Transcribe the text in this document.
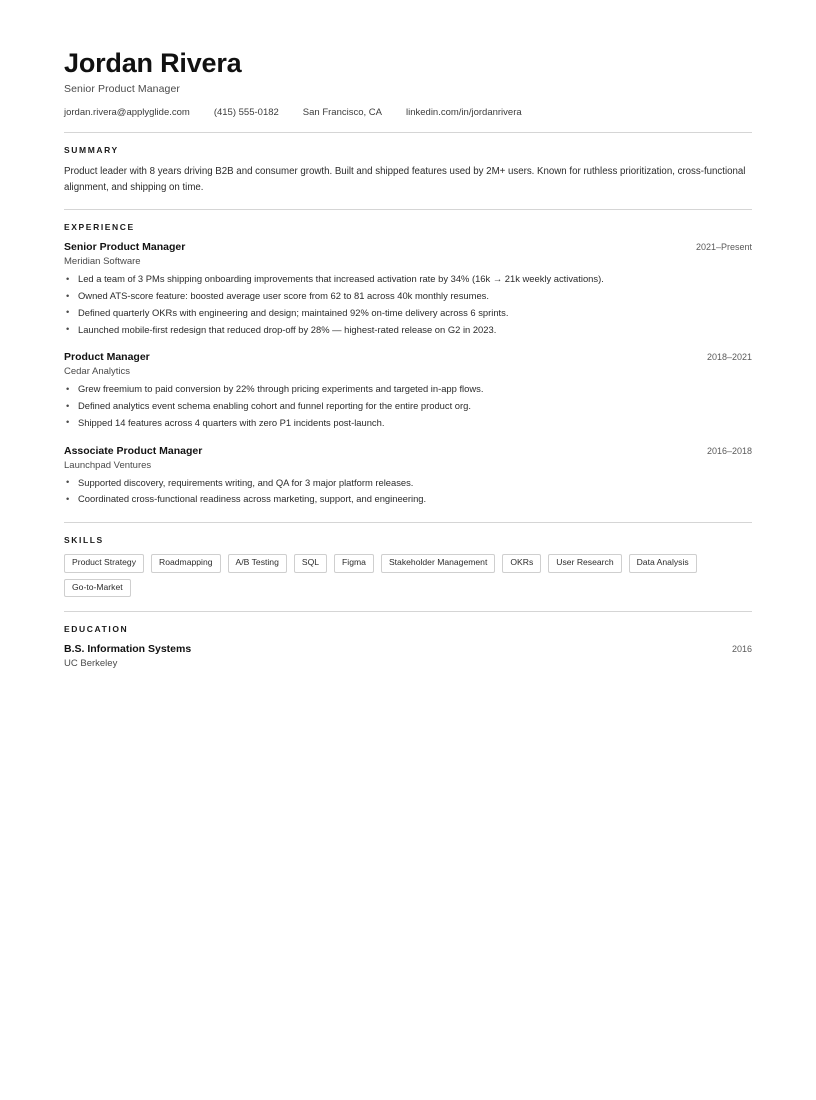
Jordan Rivera
Senior Product Manager
jordan.rivera@applyglide.com	(415) 555-0182	San Francisco, CA	linkedin.com/in/jordanrivera
SUMMARY

Product leader with 8 years driving B2B and consumer growth. Built and shipped features used by 2M+ users. Known for ruthless prioritization, cross-functional alignment, and shipping on time.

EXPERIENCE
Senior Product Manager	2021–Present
Meridian Software
• Led a team of 3 PMs shipping onboarding improvements that increased activation rate by 34% (16k → 21k weekly activations).
• Owned ATS-score feature: boosted average user score from 62 to 81 across 40k monthly resumes.
• Defined quarterly OKRs with engineering and design; maintained 92% on-time delivery across 6 sprints.
• Launched mobile-first redesign that reduced drop-off by 28% — highest-rated release on G2 in 2023.
Product Manager	2018–2021
Cedar Analytics
• Grew freemium to paid conversion by 22% through pricing experiments and targeted in-app flows.
• Defined analytics event schema enabling cohort and funnel reporting for the entire product org.
• Shipped 14 features across 4 quarters with zero P1 incidents post-launch.
Associate Product Manager	2016–2018
Launchpad Ventures
• Supported discovery, requirements writing, and QA for 3 major platform releases.
• Coordinated cross-functional readiness across marketing, support, and engineering.
SKILLS
Product Strategy	Roadmapping	A/B Testing	SQL	Figma	Stakeholder Management	OKRs	User Research	Data Analysis
Go-to-Market
EDUCATION
B.S. Information Systems	2016
UC Berkeley
